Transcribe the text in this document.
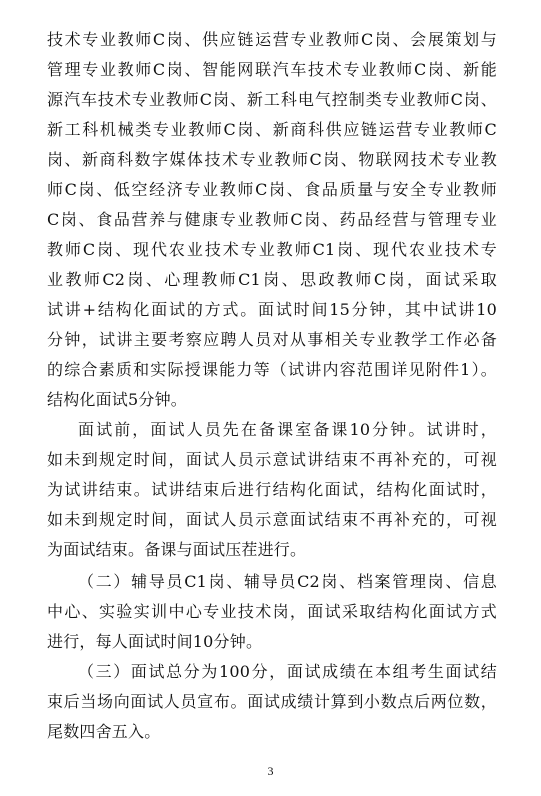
技术专业教师C岗、供应链运营专业教师C岗、会展策划与
管理专业教师C岗、智能网联汽车技术专业教师C岗、新能
源汽车技术专业教师C岗、新工科电气控制类专业教师C岗、
新工科机械类专业教师C岗、新商科供应链运营专业教师C
岗、新商科数字媒体技术专业教师C岗、物联网技术专业教
师C岗、低空经济专业教师C岗、食品质量与安全专业教师
C岗、食品营养与健康专业教师C岗、药品经营与管理专业
教师C岗、现代农业技术专业教师C1岗、现代农业技术专
业教师C2岗、心理教师C1岗、思政教师C岗，面试采取
试讲+结构化面试的方式。面试时间15分钟，其中试讲10
分钟，试讲主要考察应聘人员对从事相关专业教学工作必备
的综合素质和实际授课能力等（试讲内容范围详见附件1）。
结构化面试5分钟。
面试前，面试人员先在备课室备课10分钟。试讲时，
如未到规定时间，面试人员示意试讲结束不再补充的，可视
为试讲结束。试讲结束后进行结构化面试，结构化面试时，
如未到规定时间，面试人员示意面试结束不再补充的，可视
为面试结束。备课与面试压茬进行。
（二）辅导员C1岗、辅导员C2岗、档案管理岗、信息
中心、实验实训中心专业技术岗，面试采取结构化面试方式
进行，每人面试时间10分钟。
（三）面试总分为100分，面试成绩在本组考生面试结
束后当场向面试人员宣布。面试成绩计算到小数点后两位数，
尾数四舍五入。
3
